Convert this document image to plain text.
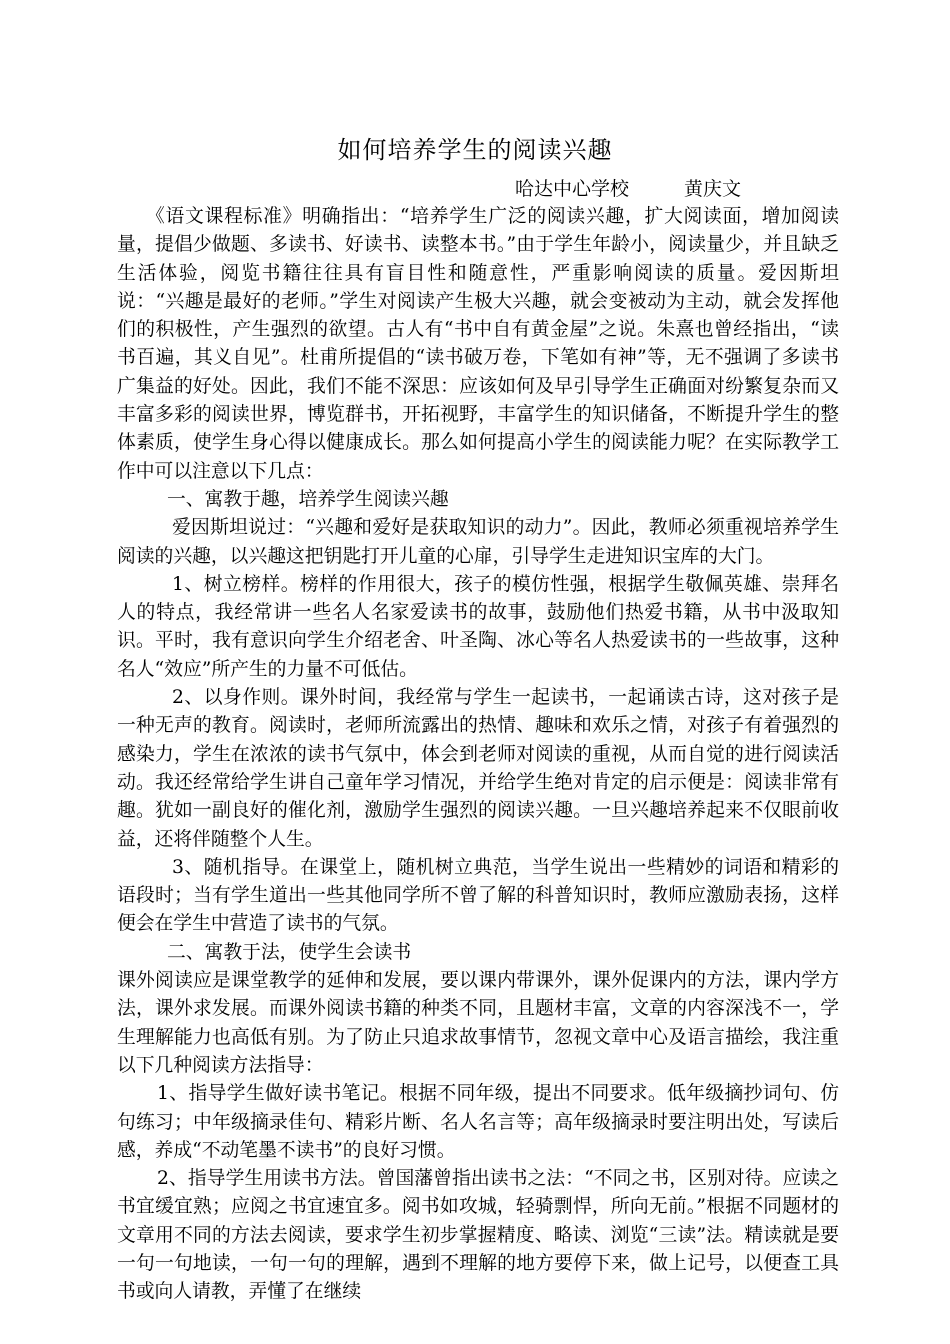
如何培养学生的阅读兴趣
哈达中心学校	黄庆文

《语文课程标准》明确指出：“培养学生广泛的阅读兴趣，扩大阅读面，增加阅读量，提倡少做题、多读书、好读书、读整本书。”由于学生年龄小，阅读量少，并且缺乏生活体验，阅览书籍往往具有盲目性和随意性，严重影响阅读的质量。爱因斯坦说：“兴趣是最好的老师。”学生对阅读产生极大兴趣，就会变被动为主动，就会发挥他们的积极性，产生强烈的欲望。古人有“书中自有黄金屋”之说。朱熹也曾经指出，“读书百遍，其义自见”。杜甫所提倡的“读书破万卷，下笔如有神”等，无不强调了多读书广集益的好处。因此，我们不能不深思：应该如何及早引导学生正确面对纷繁复杂而又丰富多彩的阅读世界，博览群书，开拓视野，丰富学生的知识储备，不断提升学生的整体素质，使学生身心得以健康成长。那么如何提高小学生的阅读能力呢？在实际教学工作中可以注意以下几点：

一、寓教于趣，培养学生阅读兴趣

爱因斯坦说过：“兴趣和爱好是获取知识的动力”。因此，教师必须重视培养学生阅读的兴趣，以兴趣这把钥匙打开儿童的心扉，引导学生走进知识宝库的大门。

1、树立榜样。榜样的作用很大，孩子的模仿性强，根据学生敬佩英雄、崇拜名人的特点，我经常讲一些名人名家爱读书的故事，鼓励他们热爱书籍，从书中汲取知识。平时，我有意识向学生介绍老舍、叶圣陶、冰心等名人热爱读书的一些故事，这种名人“效应”所产生的力量不可低估。

2、以身作则。课外时间，我经常与学生一起读书，一起诵读古诗，这对孩子是一种无声的教育。阅读时，老师所流露出的热情、趣味和欢乐之情，对孩子有着强烈的感染力，学生在浓浓的读书气氛中，体会到老师对阅读的重视，从而自觉的进行阅读活动。我还经常给学生讲自己童年学习情况，并给学生绝对肯定的启示便是：阅读非常有趣。犹如一副良好的催化剂，激励学生强烈的阅读兴趣。一旦兴趣培养起来不仅眼前收益，还将伴随整个人生。

3、随机指导。在课堂上，随机树立典范，当学生说出一些精妙的词语和精彩的语段时；当有学生道出一些其他同学所不曾了解的科普知识时，教师应激励表扬，这样便会在学生中营造了读书的气氛。

二、寓教于法，使学生会读书

课外阅读应是课堂教学的延伸和发展，要以课内带课外，课外促课内的方法，课内学方法，课外求发展。而课外阅读书籍的种类不同，且题材丰富，文章的内容深浅不一，学生理解能力也高低有别。为了防止只追求故事情节，忽视文章中心及语言描绘，我注重以下几种阅读方法指导：

1、指导学生做好读书笔记。根据不同年级，提出不同要求。低年级摘抄词句、仿句练习；中年级摘录佳句、精彩片断、名人名言等；高年级摘录时要注明出处，写读后感，养成“不动笔墨不读书”的良好习惯。

2、指导学生用读书方法。曾国藩曾指出读书之法：“不同之书，区别对待。应读之书宜缓宜熟；应阅之书宜速宜多。阅书如攻城，轻骑剽悍，所向无前。”根据不同题材的文章用不同的方法去阅读，要求学生初步掌握精度、略读、浏览“三读”法。精读就是要一句一句地读，一句一句的理解，遇到不理解的地方要停下来，做上记号，以便查工具书或向人请教，弄懂了在继续
